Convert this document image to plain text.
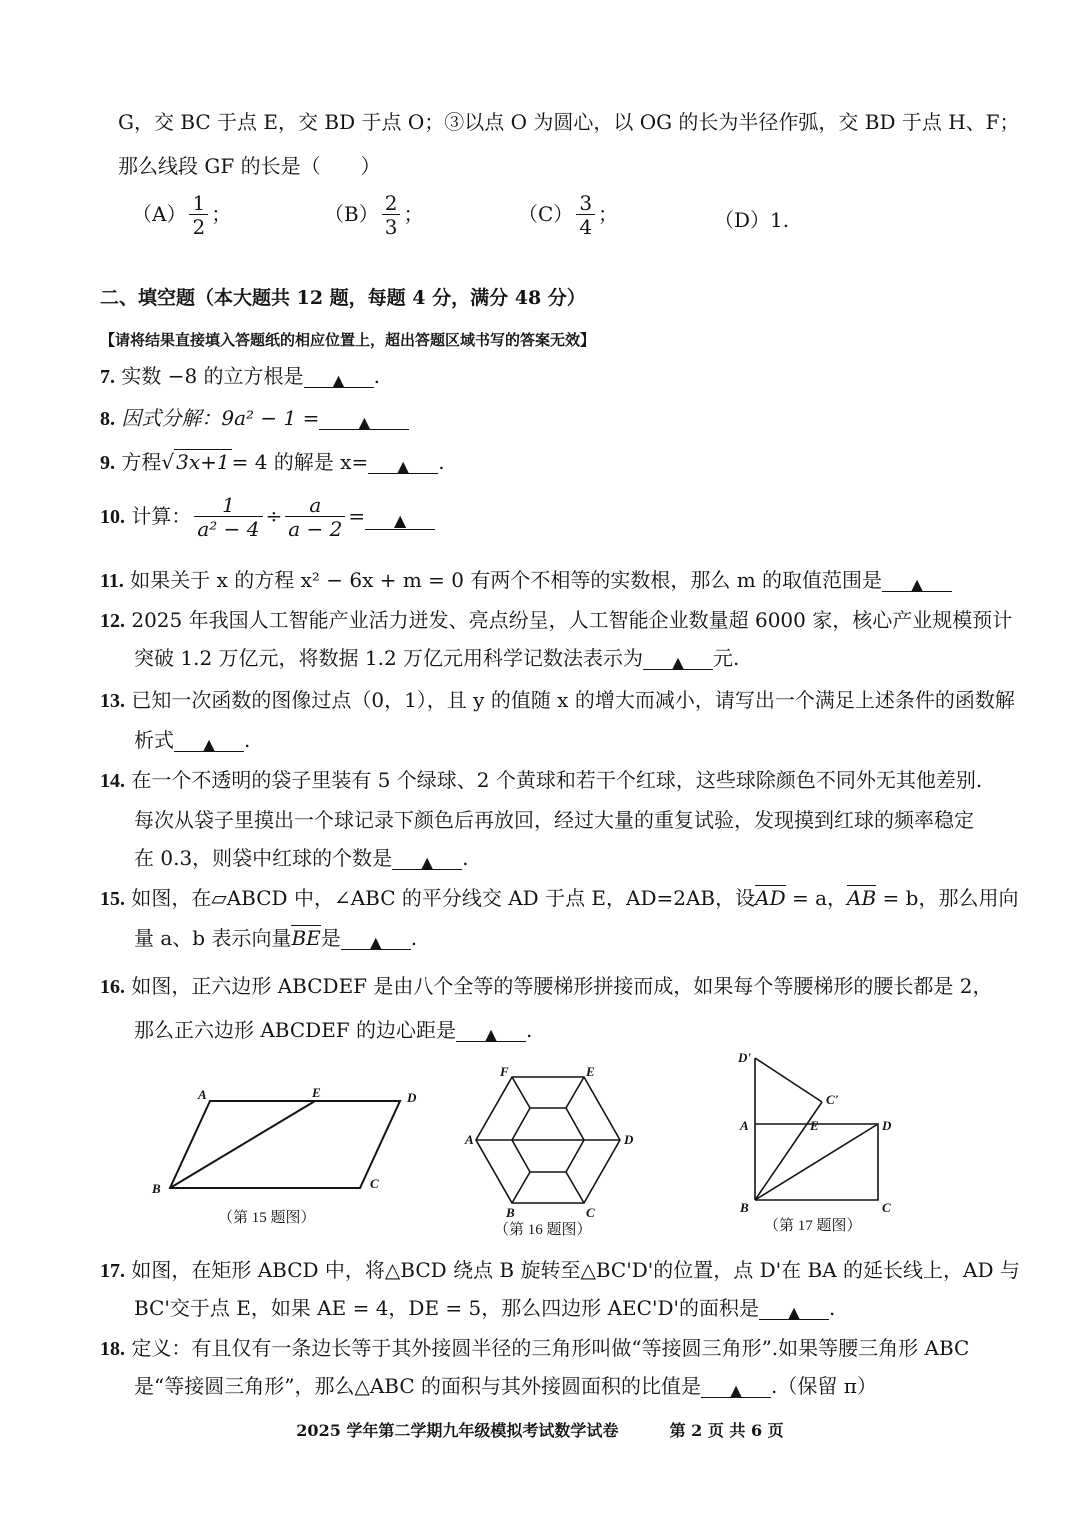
G，交 BC 于点 E，交 BD 于点 O；③以点 O 为圆心，以 OG 的长为半径作弧，交 BD 于点 H、F；
那么线段 GF 的长是（　　）
$(A) \frac{1}{2}$ ；	$(B) \frac{2}{3}$ ；	$(C) \frac{3}{4}$ ；	（D）1.
二、填空题（本大题共 12 题，每题 4 分，满分 48 分）
【请将结果直接填入答题纸的相应位置上，超出答题区域书写的答案无效】
7. 实数 −8 的立方根是 ▲ .
8. 因式分解：9a² − 1 = ▲
9. 方程√ 3x+1 = 4 的解是 x= ▲ .
10. 计算： $\frac{1}{\text{a² − 4}} \div \frac{a}{a - 2}$ = ▲
11. 如果关于 x 的方程 x² − 6x + m = 0 有两个不相等的实数根，那么 m 的取值范围是 ▲
12. 2025 年我国人工智能产业活力迸发、亮点纷呈，人工智能企业数量超 6000 家，核心产业规模预计
突破 1.2 万亿元，将数据 1.2 万亿元用科学记数法表示为 ▲ 元.
13. 已知一次函数的图像过点（0，1），且 y 的值随 x 的增大而减小，请写出一个满足上述条件的函数解
析式 ▲ .
14. 在一个不透明的袋子里装有 5 个绿球、2 个黄球和若干个红球，这些球除颜色不同外无其他差别.
每次从袋子里摸出一个球记录下颜色后再放回，经过大量的重复试验，发现摸到红球的频率稳定
在 0.3，则袋中红球的个数是 ▲ .
15. 如图，在▱ABCD 中，∠ABC 的平分线交 AD 于点 E，AD=2AB，设AD = a，AB = b，那么用向
量 a、b 表示向量BE是 ▲ .
16. 如图，正六边形 ABCDEF 是由八个全等的等腰梯形拼接而成，如果每个等腰梯形的腰长都是 2，
那么正六边形 ABCDEF 的边心距是 ▲ .
A	E	D
B	C
（第 15 题图）
F	E
A	D
B	C
（第 16 题图）
D'
C'
A	E	D
B	C
（第 17 题图）
17. 如图，在矩形 ABCD 中，将△BCD 绕点 B 旋转至△BC'D'的位置，点 D'在 BA 的延长线上，AD 与
BC'交于点 E，如果 AE = 4，DE = 5，那么四边形 AEC'D'的面积是 ▲ .
18. 定义：有且仅有一条边长等于其外接圆半径的三角形叫做“等接圆三角形”.如果等腰三角形 ABC
是“等接圆三角形”，那么△ABC 的面积与其外接圆面积的比值是 ▲ .（保留 π）
2025 学年第二学期九年级模拟考试数学试卷	第 2 页 共 6 页
